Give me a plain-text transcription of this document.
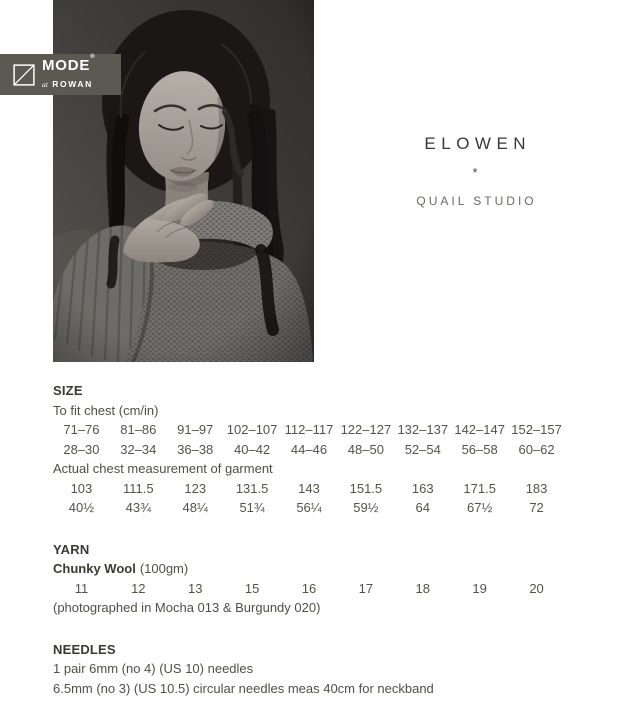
MODE®
at ROWAN
ELOWEN
*
QUAIL STUDIO
SIZE
To fit chest (cm/in)
71–76	81–86	91–97	102–107 112–117 122–127 132–137 142–147 152–157
28–30	32–34	36–38	40–42	44–46	48–50	52–54	56–58	60–62
Actual chest measurement of garment
103	111.5	123	131.5	143	151.5	163	171.5	183
40½	43¾	48¼	51¾	56¼	59½	64	67½	72
YARN
Chunky Wool (100gm)
11	12	13	15	16	17	18	19	20
(photographed in Mocha 013 & Burgundy 020)
NEEDLES
1 pair 6mm (no 4) (US 10) needles
6.5mm (no 3) (US 10.5) circular needles meas 40cm for neckband
